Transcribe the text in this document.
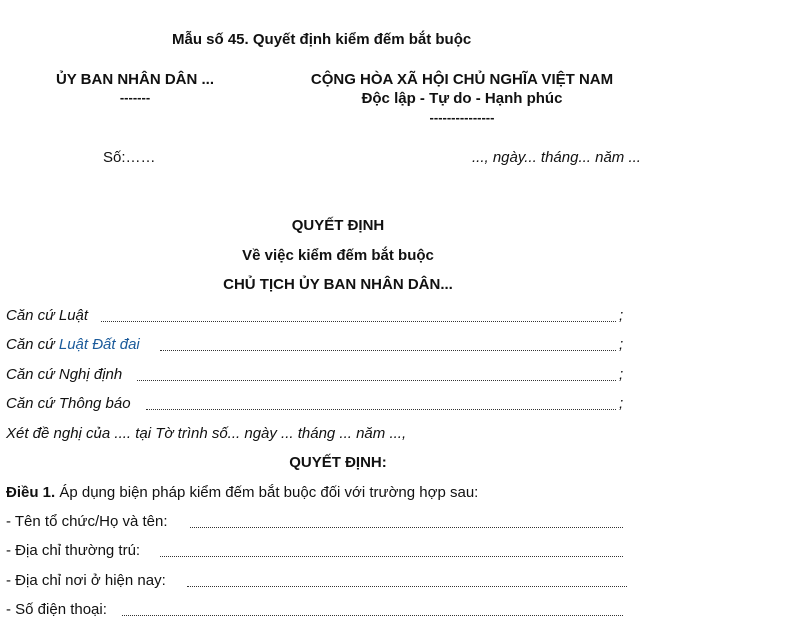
Mẫu số 45. Quyết định kiểm đếm bắt buộc
ỦY BAN NHÂN DÂN ...
-------
CỘNG HÒA XÃ HỘI CHỦ NGHĨA VIỆT NAM
Độc lập - Tự do - Hạnh phúc
---------------
Số:……	..., ngày... tháng... năm ...
QUYẾT ĐỊNH
Về việc kiểm đếm bắt buộc
CHỦ TỊCH ỦY BAN NHÂN DÂN...
Căn cứ Luật	;
Căn cứ Luật Đất đai	;
Căn cứ Nghị định	;
Căn cứ Thông báo	;
Xét đề nghị của .... tại Tờ trình số... ngày ... tháng ... năm ...,
QUYẾT ĐỊNH:
Điều 1. Áp dụng biện pháp kiểm đếm bắt buộc đối với trường hợp sau:
- Tên tổ chức/Họ và tên:
- Địa chỉ thường trú:
- Địa chỉ nơi ở hiện nay:
- Số điện thoại:
